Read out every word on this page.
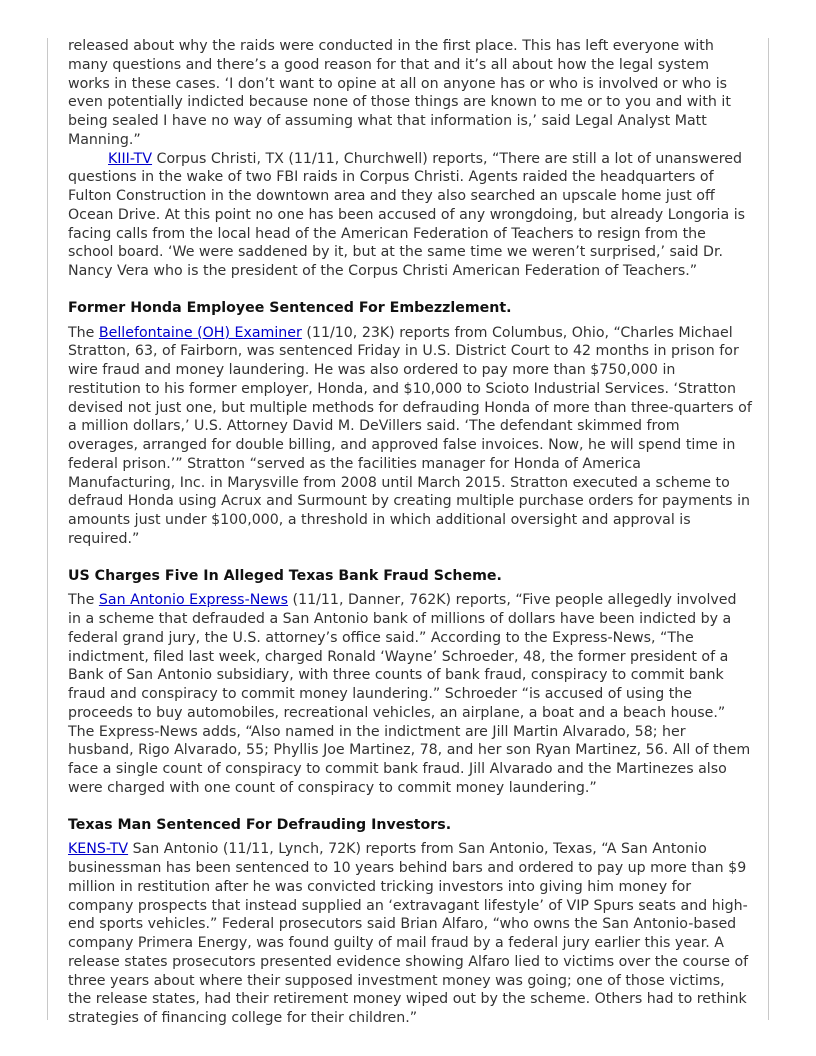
released about why the raids were conducted in the first place. This has left everyone with many questions and there’s a good reason for that and it’s all about how the legal system works in these cases. ‘I don’t want to opine at all on anyone has or who is involved or who is even potentially indicted because none of those things are known to me or to you and with it being sealed I have no way of assuming what that information is,’ said Legal Analyst Matt Manning.”

KIII-TV Corpus Christi, TX (11/11, Churchwell) reports, “There are still a lot of unanswered questions in the wake of two FBI raids in Corpus Christi. Agents raided the headquarters of Fulton Construction in the downtown area and they also searched an upscale home just off Ocean Drive. At this point no one has been accused of any wrongdoing, but already Longoria is facing calls from the local head of the American Federation of Teachers to resign from the school board. ‘We were saddened by it, but at the same time we weren’t surprised,’ said Dr. Nancy Vera who is the president of the Corpus Christi American Federation of Teachers.”

Former Honda Employee Sentenced For Embezzlement.

The Bellefontaine (OH) Examiner (11/10, 23K) reports from Columbus, Ohio, “Charles Michael Stratton, 63, of Fairborn, was sentenced Friday in U.S. District Court to 42 months in prison for wire fraud and money laundering. He was also ordered to pay more than $750,000 in restitution to his former employer, Honda, and $10,000 to Scioto Industrial Services. ‘Stratton devised not just one, but multiple methods for defrauding Honda of more than three-quarters of a million dollars,’ U.S. Attorney David M. DeVillers said. ‘The defendant skimmed from overages, arranged for double billing, and approved false invoices. Now, he will spend time in federal prison.’” Stratton “served as the facilities manager for Honda of America Manufacturing, Inc. in Marysville from 2008 until March 2015. Stratton executed a scheme to defraud Honda using Acrux and Surmount by creating multiple purchase orders for payments in amounts just under $100,000, a threshold in which additional oversight and approval is required.”

US Charges Five In Alleged Texas Bank Fraud Scheme.

The San Antonio Express-News (11/11, Danner, 762K) reports, “Five people allegedly involved in a scheme that defrauded a San Antonio bank of millions of dollars have been indicted by a federal grand jury, the U.S. attorney’s office said.” According to the Express-News, “The indictment, filed last week, charged Ronald ‘Wayne’ Schroeder, 48, the former president of a Bank of San Antonio subsidiary, with three counts of bank fraud, conspiracy to commit bank fraud and conspiracy to commit money laundering.” Schroeder “is accused of using the proceeds to buy automobiles, recreational vehicles, an airplane, a boat and a beach house.” The Express-News adds, “Also named in the indictment are Jill Martin Alvarado, 58; her husband, Rigo Alvarado, 55; Phyllis Joe Martinez, 78, and her son Ryan Martinez, 56. All of them face a single count of conspiracy to commit bank fraud. Jill Alvarado and the Martinezes also were charged with one count of conspiracy to commit money laundering.”

Texas Man Sentenced For Defrauding Investors.

KENS-TV San Antonio (11/11, Lynch, 72K) reports from San Antonio, Texas, “A San Antonio businessman has been sentenced to 10 years behind bars and ordered to pay up more than $9 million in restitution after he was convicted tricking investors into giving him money for company prospects that instead supplied an ‘extravagant lifestyle’ of VIP Spurs seats and high-end sports vehicles.” Federal prosecutors said Brian Alfaro, “who owns the San Antonio-based company Primera Energy, was found guilty of mail fraud by a federal jury earlier this year. A release states prosecutors presented evidence showing Alfaro lied to victims over the course of three years about where their supposed investment money was going; one of those victims, the release states, had their retirement money wiped out by the scheme. Others had to rethink strategies of financing college for their children.”
